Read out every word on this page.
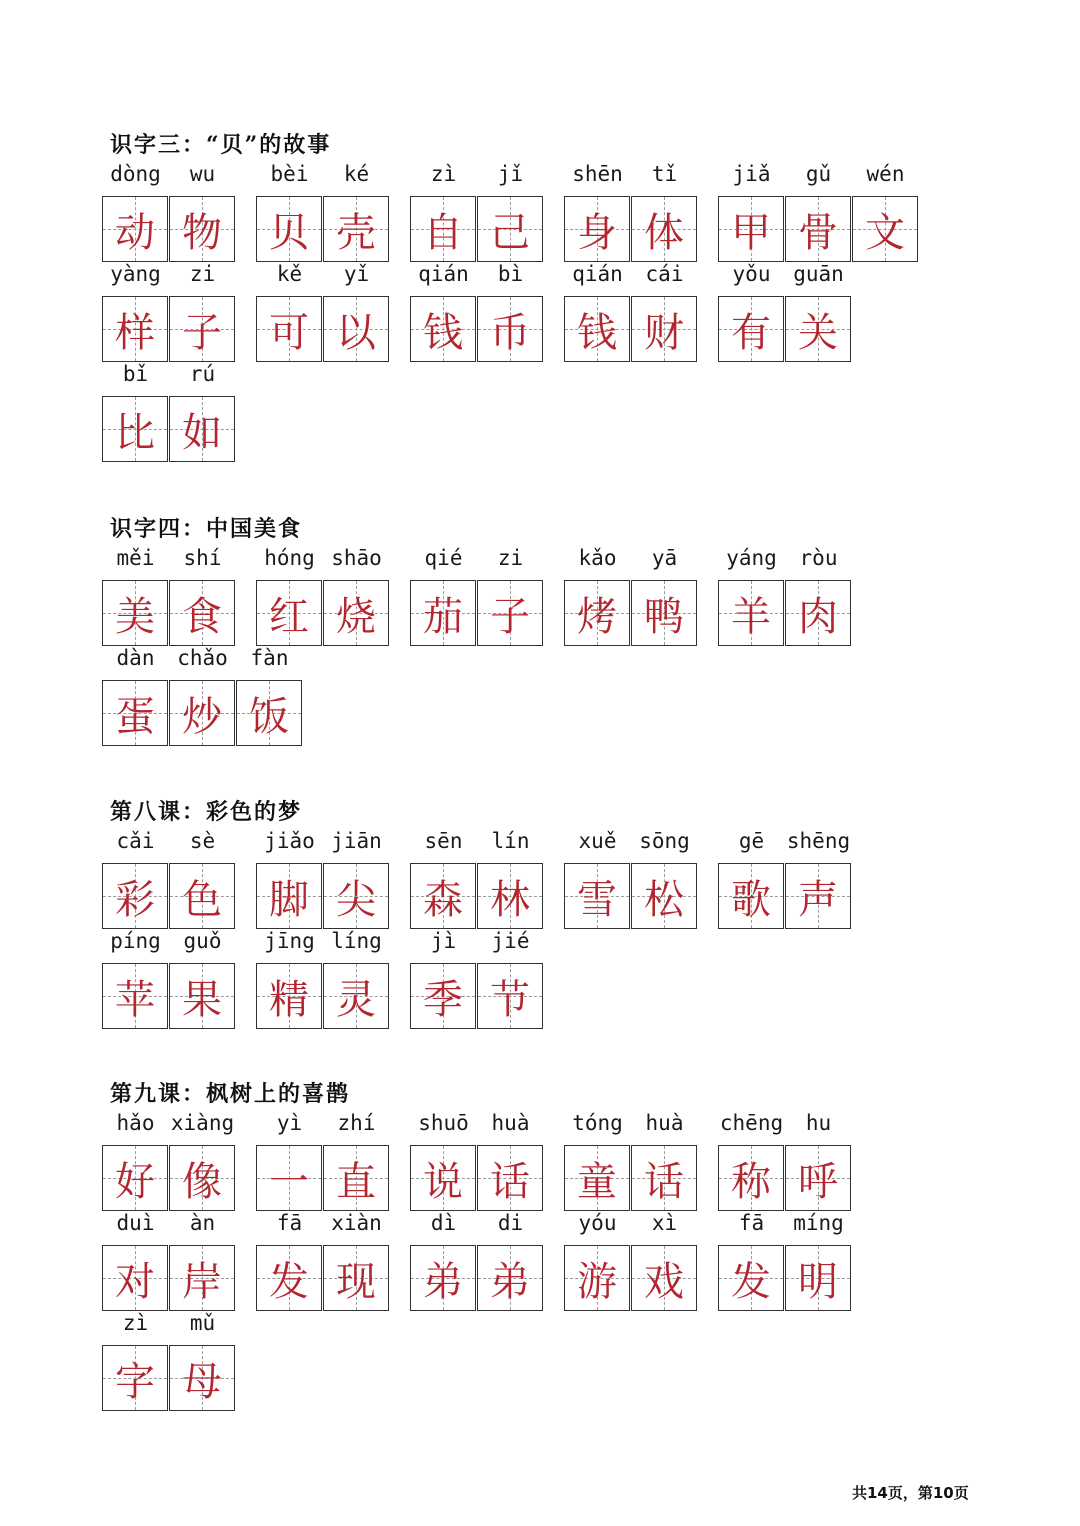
识字三：“贝”的故事
dòng
动
wu
物
bèi
贝
ké
壳
zì
自
jǐ
己
shēn
身
tǐ
体
jiǎ
甲
gǔ
骨
wén
文
yàng
样
zi
子
kě
可
yǐ
以
qián
钱
bì
币
qián
钱
cái
财
yǒu
有
guān
关
bǐ
比
rú
如
识字四：中国美食
měi
美
shí
食
hóng
红
shāo
烧
qié
茄
zi
子
kǎo
烤
yā
鸭
yáng
羊
ròu
肉
dàn
蛋
chǎo
炒
fàn
饭
第八课：彩色的梦
cǎi
彩
sè
色
jiǎo
脚
jiān
尖
sēn
森
lín
林
xuě
雪
sōng
松
gē
歌
shēng
声
píng
苹
guǒ
果
jīng
精
líng
灵
jì
季
jié
节
第九课：枫树上的喜鹊
hǎo
好
xiàng
像
yì
一
zhí
直
shuō
说
huà
话
tóng
童
huà
话
chēng
称
hu
呼
duì
对
àn
岸
fā
发
xiàn
现
dì
弟
di
弟
yóu
游
xì
戏
fā
发
míng
明
zì
字
mǔ
母
共14页，第10页
